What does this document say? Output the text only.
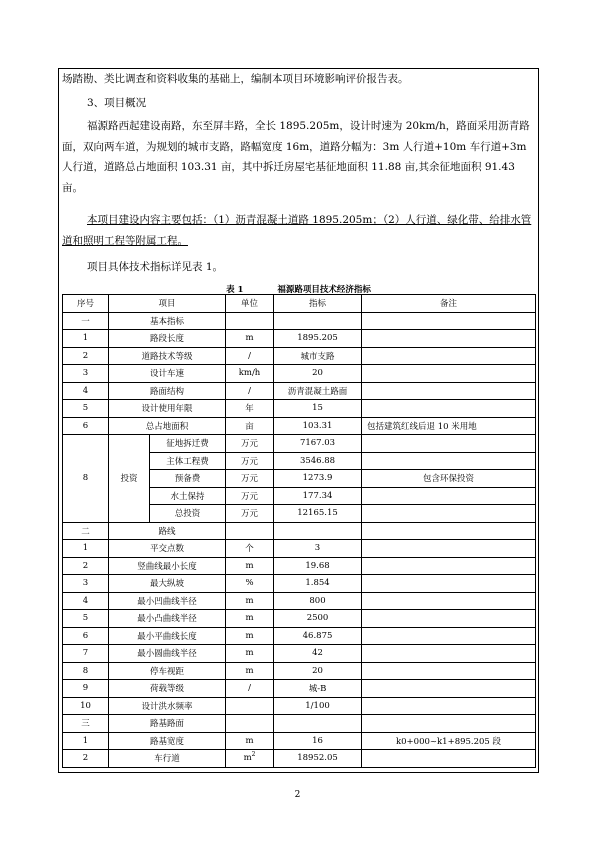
场踏勘、类比调查和资料收集的基础上，编制本项目环境影响评价报告表。

3、项目概况

福源路西起建设南路，东至屏丰路，全长 1895.205m，设计时速为 20km/h，路面采用沥青路面，双向两车道，为规划的城市支路，路幅宽度 16m，道路分幅为：3m 人行道+10m 车行道+3m 人行道，道路总占地面积 103.31 亩，其中拆迁房屋宅基征地面积 11.88 亩,其余征地面积 91.43 亩。

本项目建设内容主要包括：（1）沥青混凝土道路 1895.205m；（2）人行道、绿化带、给排水管道和照明工程等附属工程。

项目具体技术指标详见表 1。

表 1	福源路项目技术经济指标
序号	项目		单位	指标	备注
一	基本指标				
1	路段长度		m	1895.205	
2	道路技术等级		/	城市支路	
3	设计车速		km/h	20	
4	路面结构		/	沥青混凝土路面	
5	设计使用年限		年	15	
6	总占地面积		亩	103.31	包括建筑红线后退 10 米用地
8	投资	征地拆迁费	万元	7167.03	
		主体工程费	万元	3546.88	
		预备费	万元	1273.9	包含环保投资
		水土保持	万元	177.34	
		总投资	万元	12165.15	
二	路线				
1	平交点数		个	3	
2	竖曲线最小长度		m	19.68	
3	最大纵坡		%	1.854	
4	最小凹曲线半径		m	800	
5	最小凸曲线半径		m	2500	
6	最小平曲线长度		m	46.875	
7	最小圆曲线半径		m	42	
8	停车视距		m	20	
9	荷载等级		/	城-B	
10	设计洪水频率			1/100	
三	路基路面				
1	路基宽度		m	16	k0+000~k1+895.205 段
2	车行道		$m^2$	18952.05	
2
